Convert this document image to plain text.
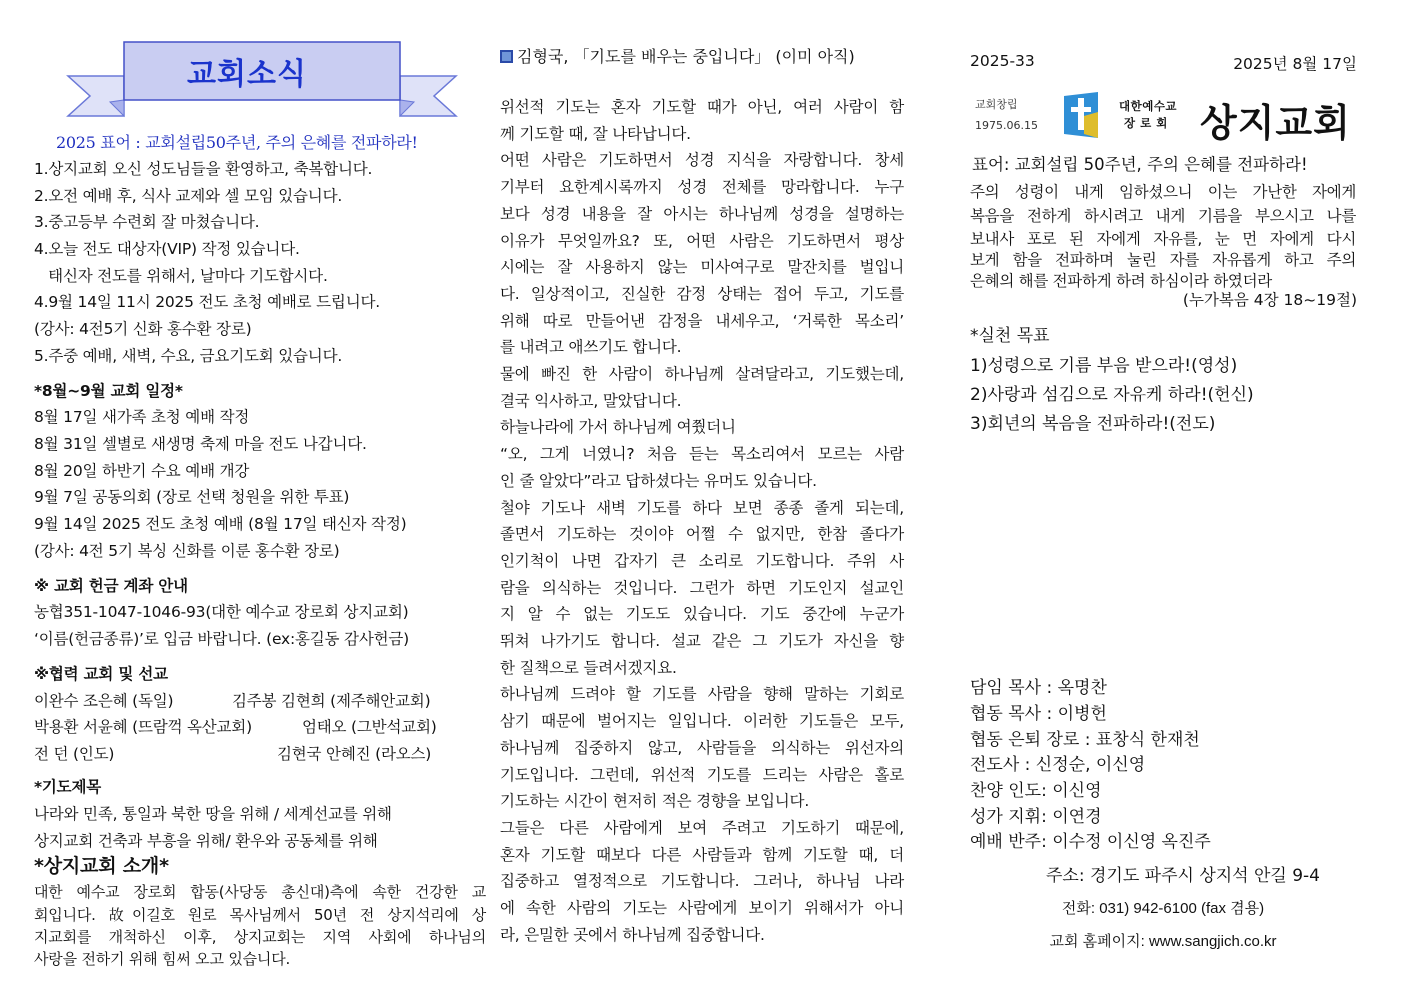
교회소식
2025 표어 : 교회설립50주년, 주의 은혜를 전파하라!
1.상지교회 오신 성도님들을 환영하고, 축복합니다.
2.오전 예배 후, 식사 교제와 셀 모임 있습니다.
3.중고등부 수련회 잘 마쳤습니다.
4.오늘 전도 대상자(VIP) 작정 있습니다.
태신자 전도를 위해서, 날마다 기도합시다.
4.9월 14일 11시 2025 전도 초청 예배로 드립니다.
(강사: 4전5기 신화 홍수환 장로)
5.주중 예배, 새벽, 수요, 금요기도회 있습니다.
*8월~9월 교회 일정*
8월 17일 새가족 초청 예배 작정
8월 31일 셀별로 새생명 축제 마을 전도 나갑니다.
8월 20일 하반기 수요 예배 개강
9월 7일 공동의회 (장로 선택 청원을 위한 투표)
9월 14일 2025 전도 초청 예배 (8월 17일 태신자 작정)
(강사: 4전 5기 복싱 신화를 이룬 홍수환 장로)
※ 교회 헌금 계좌 안내
농협351-1047-1046-93(대한 예수교 장로회 상지교회)
‘이름(헌금종류)’로 입금 바랍니다. (ex:홍길동 감사헌금)
※협력 교회 및 선교
이완수 조은혜 (독일)	김주봉 김현희 (제주해안교회)
박용환 서윤혜 (뜨람꺽 옥산교회)	엄태오 (그반석교회)
전 던 (인도)	김현국 안혜진 (라오스)
*기도제목
나라와 민족, 통일과 북한 땅을 위해 / 세계선교를 위해
상지교회 건축과 부흥을 위해/ 환우와 공동체를 위해
*상지교회 소개*
대한 예수교 장로회 합동(사당동 총신대)측에 속한 건강한 교
회입니다. 故이길호 원로 목사님께서 50년 전 상지석리에 상
지교회를 개척하신 이후, 상지교회는 지역 사회에 하나님의
사랑을 전하기 위해 힘써 오고 있습니다.
김형국, 「기도를 배우는 중입니다」 (이미 아직)
위선적 기도는 혼자 기도할 때가 아닌, 여러 사람이 함
께 기도할 때, 잘 나타납니다.
어떤 사람은 기도하면서 성경 지식을 자랑합니다. 창세
기부터 요한계시록까지 성경 전체를 망라합니다. 누구
보다 성경 내용을 잘 아시는 하나님께 성경을 설명하는
이유가 무엇일까요? 또, 어떤 사람은 기도하면서 평상
시에는 잘 사용하지 않는 미사여구로 말잔치를 벌입니
다. 일상적이고, 진실한 감정 상태는 접어 두고, 기도를
위해 따로 만들어낸 감정을 내세우고, ‘거룩한 목소리’
를 내려고 애쓰기도 합니다.
물에 빠진 한 사람이 하나님께 살려달라고, 기도했는데,
결국 익사하고, 말았답니다.
하늘나라에 가서 하나님께 여쭸더니
“오, 그게 너였니? 처음 듣는 목소리여서 모르는 사람
인 줄 알았다”라고 답하셨다는 유머도 있습니다.
철야 기도나 새벽 기도를 하다 보면 종종 졸게 되는데,
졸면서 기도하는 것이야 어쩔 수 없지만, 한참 졸다가
인기척이 나면 갑자기 큰 소리로 기도합니다. 주위 사
람을 의식하는 것입니다. 그런가 하면 기도인지 설교인
지 알 수 없는 기도도 있습니다. 기도 중간에 누군가
뛰쳐 나가기도 합니다. 설교 같은 그 기도가 자신을 향
한 질책으로 들려서겠지요.
하나님께 드려야 할 기도를 사람을 향해 말하는 기회로
삼기 때문에 벌어지는 일입니다. 이러한 기도들은 모두,
하나님께 집중하지 않고, 사람들을 의식하는 위선자의
기도입니다. 그런데, 위선적 기도를 드리는 사람은 홀로
기도하는 시간이 현저히 적은 경향을 보입니다.
그들은 다른 사람에게 보여 주려고 기도하기 때문에,
혼자 기도할 때보다 다른 사람들과 함께 기도할 때, 더
집중하고 열정적으로 기도합니다. 그러나, 하나님 나라
에 속한 사람의 기도는 사람에게 보이기 위해서가 아니
라, 은밀한 곳에서 하나님께 집중합니다.
2025-33	2025년 8월 17일
교회창립
1975.06.15
대한예수교
장 로 회 상지교회
표어: 교회설립 50주년, 주의 은혜를 전파하라!
주의 성령이 내게 임하셨으니 이는 가난한 자에게
복음을 전하게 하시려고 내게 기름을 부으시고 나를
보내사 포로 된 자에게 자유를, 눈 먼 자에게 다시
보게 함을 전파하며 눌린 자를 자유롭게 하고 주의
은혜의 해를 전파하게 하려 하심이라 하였더라
(누가복음 4장 18~19절)
*실천 목표
1)성령으로 기름 부음 받으라!(영성)
2)사랑과 섬김으로 자유케 하라!(헌신)
3)회년의 복음을 전파하라!(전도)
담임 목사 : 옥명찬
협동 목사 : 이병헌
협동 은퇴 장로 : 표창식 한재천
전도사 : 신정순, 이신영
찬양 인도: 이신영
성가 지휘: 이연경
예배 반주: 이수정 이신영 옥진주
주소: 경기도 파주시 상지석 안길 9-4
전화: 031) 942-6100 (fax 겸용)
교회 홈페이지: www.sangjich.co.kr
